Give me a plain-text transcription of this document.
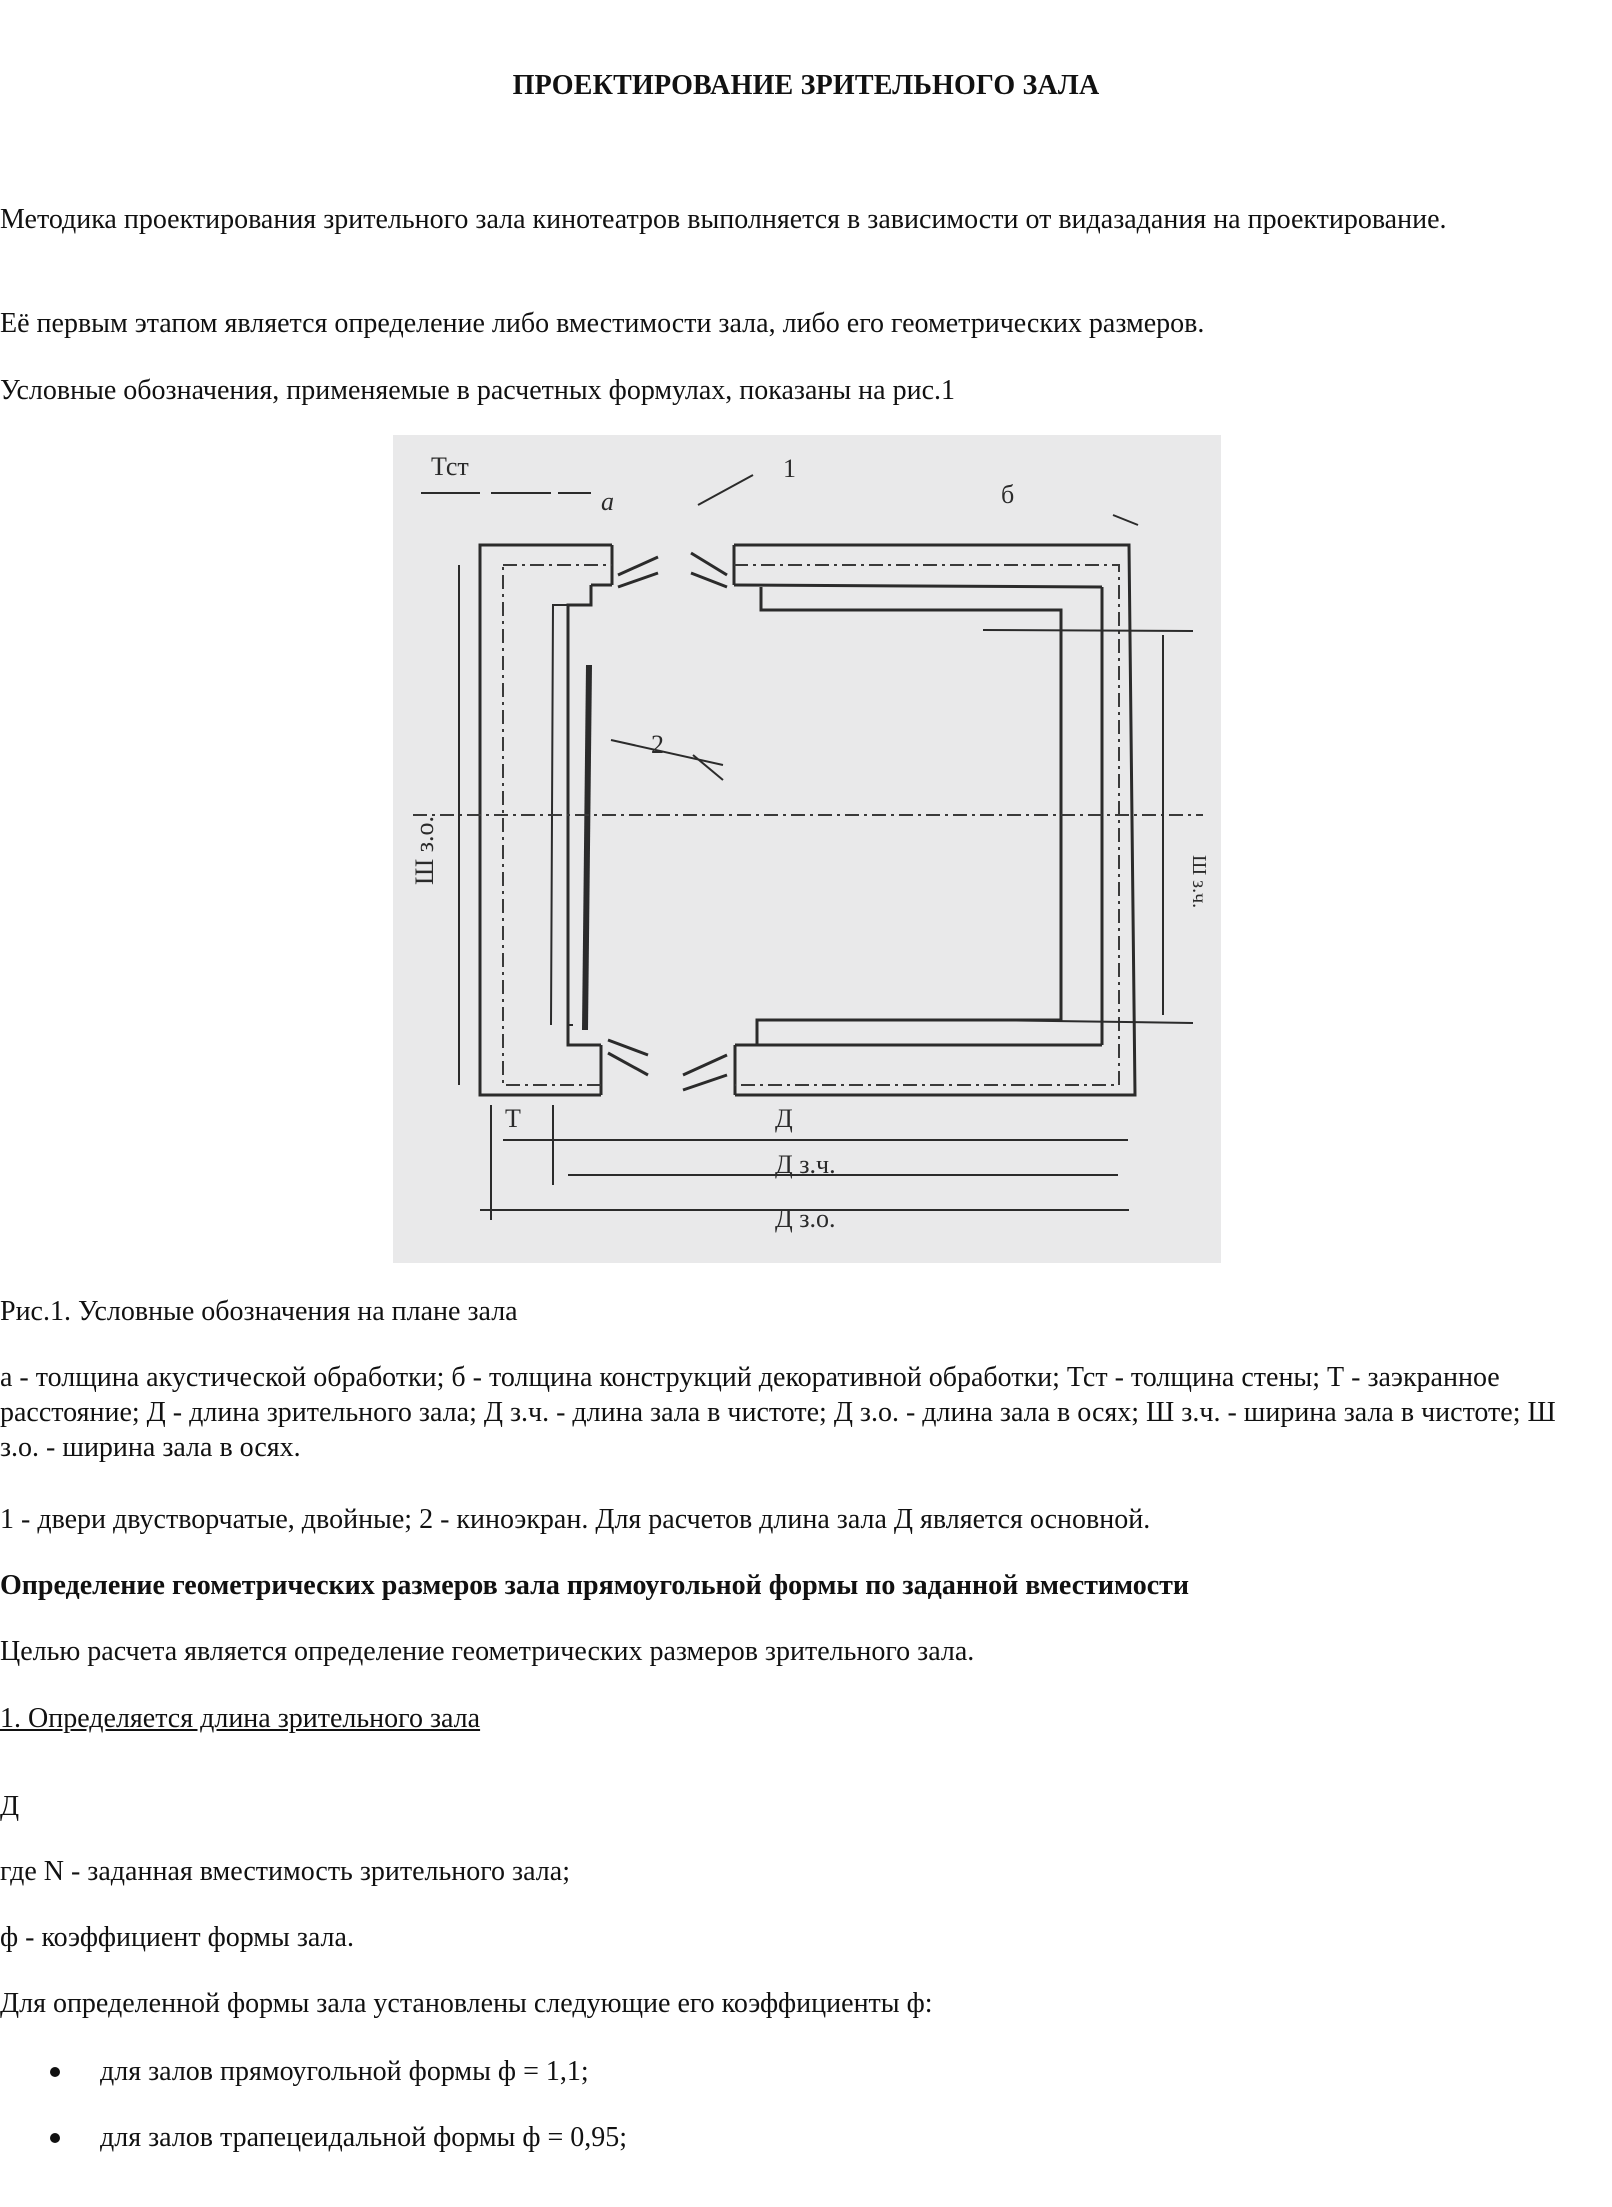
ПРОЕКТИРОВАНИЕ ЗРИТЕЛЬНОГО ЗАЛА

Методика проектирования зрительного зала кинотеатров выполняется в зависимости от видазадания на проектирование.

Её первым этапом является определение либо вместимости зала, либо его геометрических размеров.

Условные обозначения, применяемые в расчетных формулах, показаны на рис.1

Тст
а
1
б
2
Ш з.о.	Ш з.ч.
Т	Д
Д з.ч.
Д з.о.

Рис.1. Условные обозначения на плане зала

а - толщина акустической обработки; б - толщина конструкций декоративной обработки; Тст - толщина стены; Т - заэкранное расстояние; Д - длина зрительного зала; Д з.ч. - длина зала в чистоте; Д з.о. - длина зала в осях; Ш з.ч. - ширина зала в чистоте; Ш з.о. - ширина зала в осях.

1 - двери двустворчатые, двойные; 2 - киноэкран. Для расчетов длина зала Д является основной.

Определение геометрических размеров зала прямоугольной формы по заданной вместимости

Целью расчета является определение геометрических размеров зрительного зала.

1. Определяется длина зрительного зала

Д

где N - заданная вместимость зрительного зала;

ф - коэффициент формы зала.

Для определенной формы зала установлены следующие его коэффициенты ф:

для залов прямоугольной формы ф = 1,1;
для залов трапецеидальной формы ф = 0,95;
